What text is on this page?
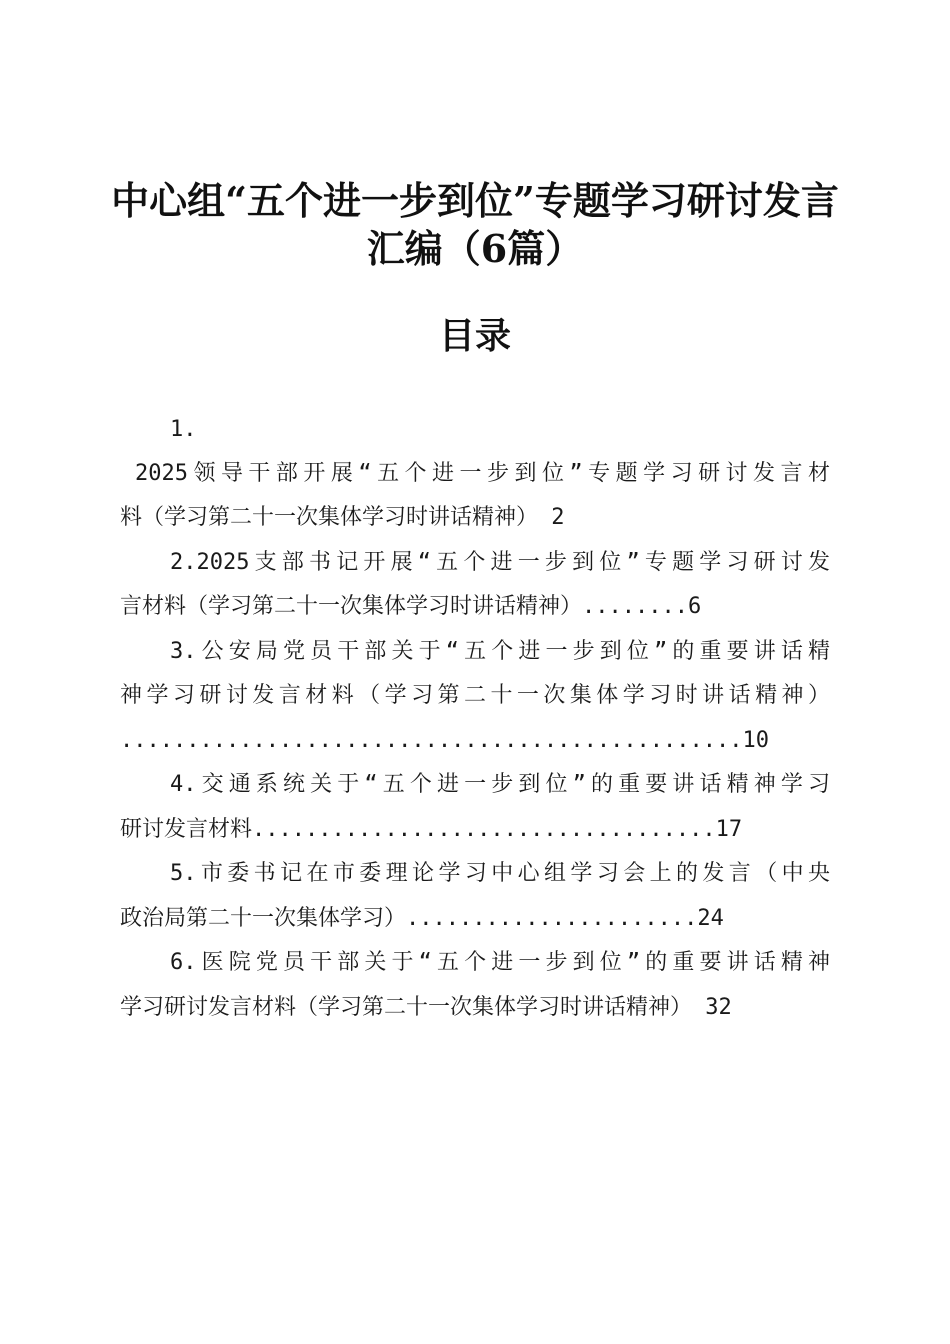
中心组“五个进一步到位”专题学习研讨发言
汇编（6篇）
目录
1.
2025领导干部开展“五个进一步到位”专题学习研讨发言材
料（学习第二十一次集体学习时讲话精神） 2
2.2025支部书记开展“五个进一步到位”专题学习研讨发
言材料（学习第二十一次集体学习时讲话精神）........6
3.公安局党员干部关于“五个进一步到位”的重要讲话精
神学习研讨发言材料（学习第二十一次集体学习时讲话精神）
...............................................10
4.交通系统关于“五个进一步到位”的重要讲话精神学习
研讨发言材料...................................17
5.市委书记在市委理论学习中心组学习会上的发言（中央
政治局第二十一次集体学习）......................24
6.医院党员干部关于“五个进一步到位”的重要讲话精神
学习研讨发言材料（学习第二十一次集体学习时讲话精神） 32
